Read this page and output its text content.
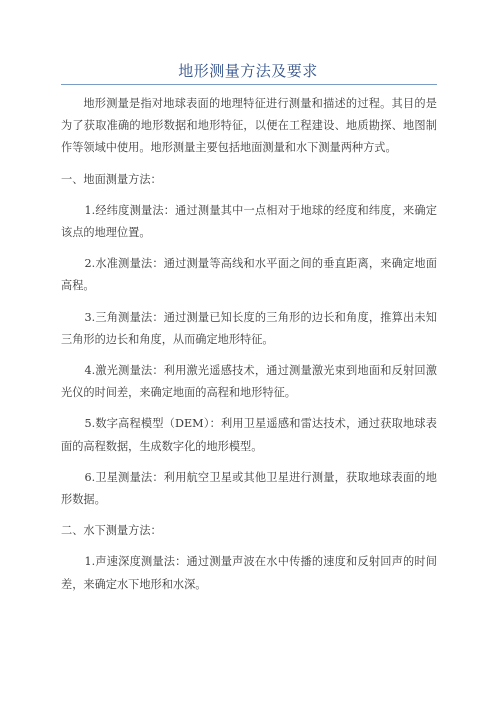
地形测量方法及要求

地形测量是指对地球表面的地理特征进行测量和描述的过程。其目的是为了获取准确的地形数据和地形特征，以便在工程建设、地质勘探、地图制作等领域中使用。地形测量主要包括地面测量和水下测量两种方式。

一、地面测量方法：

1.经纬度测量法：通过测量其中一点相对于地球的经度和纬度，来确定该点的地理位置。

2.水准测量法：通过测量等高线和水平面之间的垂直距离，来确定地面高程。

3.三角测量法：通过测量已知长度的三角形的边长和角度，推算出未知三角形的边长和角度，从而确定地形特征。

4.激光测量法：利用激光遥感技术，通过测量激光束到地面和反射回激光仪的时间差，来确定地面的高程和地形特征。

5.数字高程模型（DEM）：利用卫星遥感和雷达技术，通过获取地球表面的高程数据，生成数字化的地形模型。

6.卫星测量法：利用航空卫星或其他卫星进行测量，获取地球表面的地形数据。

二、水下测量方法：

1.声速深度测量法：通过测量声波在水中传播的速度和反射回声的时间差，来确定水下地形和水深。
